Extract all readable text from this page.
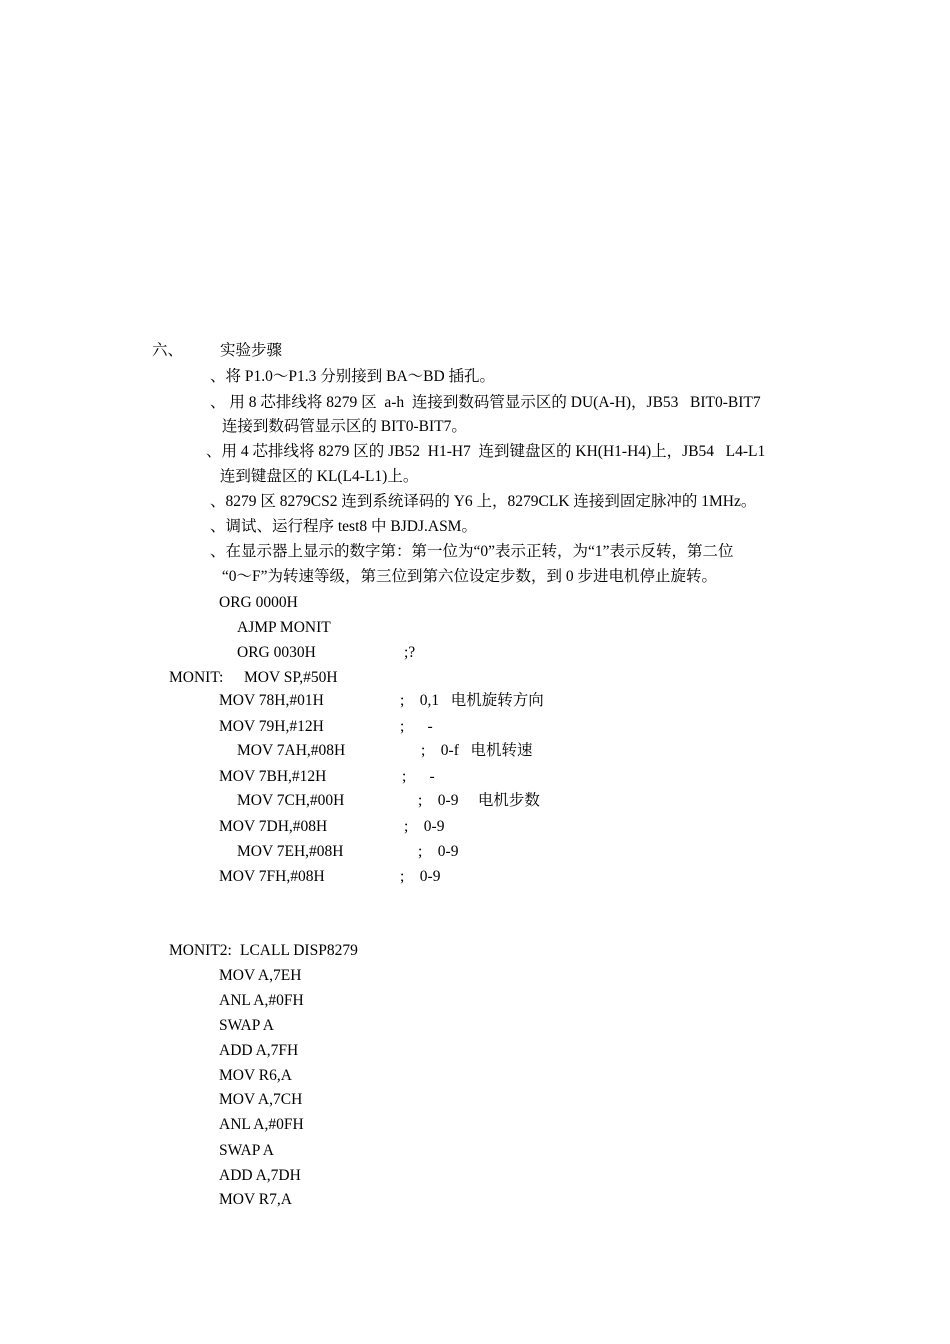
六、 实验步骤
、将 P1.0～P1.3 分别接到 BA～BD 插孔。
、 用 8 芯排线将 8279 区  a-h  连接到数码管显示区的 DU(A-H)，JB53   BIT0-BIT7
连接到数码管显示区的 BIT0-BIT7。
、用 4 芯排线将 8279 区的 JB52  H1-H7  连到键盘区的 KH(H1-H4)上，JB54   L4-L1
连到键盘区的 KL(L4-L1)上。
、8279 区 8279CS2 连到系统译码的 Y6 上，8279CLK 连接到固定脉冲的 1MHz。
、调试、运行程序 test8 中 BJDJ.ASM。
、在显示器上显示的数字第：第一位为“0”表示正转，为“1”表示反转，第二位
“0～F”为转速等级，第三位到第六位设定步数，到 0 步进电机停止旋转。
ORG 0000H
AJMP MONIT
ORG 0030H	;?
MONIT: MOV SP,#50H
MOV 78H,#01H	;    0,1   电机旋转方向
MOV 79H,#12H	;      -
MOV 7AH,#08H	;    0-f   电机转速
MOV 7BH,#12H	;      -
MOV 7CH,#00H	;    0-9     电机步数
MOV 7DH,#08H	;    0-9
MOV 7EH,#08H	;    0-9
MOV 7FH,#08H	;    0-9
MONIT2: LCALL DISP8279
MOV A,7EH
ANL A,#0FH
SWAP A
ADD A,7FH
MOV R6,A
MOV A,7CH
ANL A,#0FH
SWAP A
ADD A,7DH
MOV R7,A
